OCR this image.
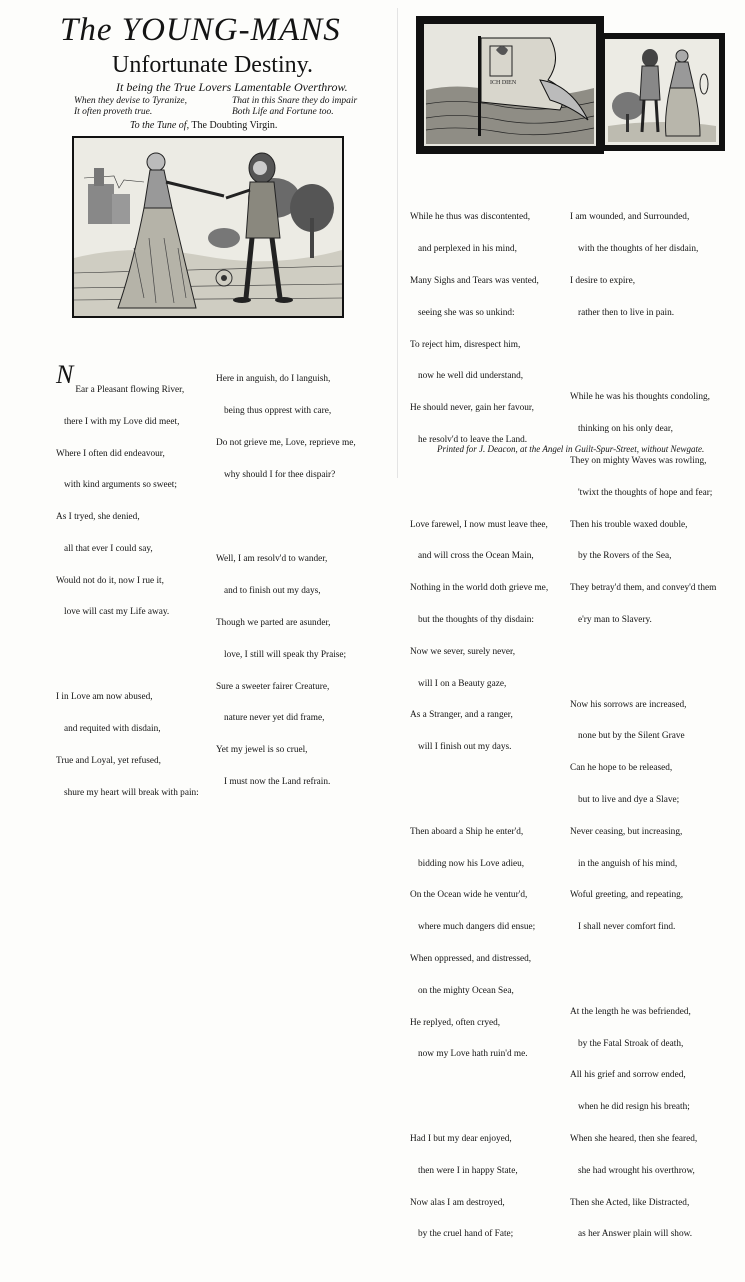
The YOUNG-MANS
Unfortunate Destiny.
It being the True Lovers Lamentable Overthrow.
When they devise to Tyranize,
It often proveth true.
That in this Snare they do impair
Both Life and Fortune too.
To the Tune of, The Doubting Virgin.
ICH DIEN

N

Ear a Pleasant flowing River,

there I with my Love did meet,

Where I often did endeavour,

with kind arguments so sweet;

As I tryed, she denied,

all that ever I could say,

Would not do it, now I rue it,

love will cast my Life away.

I in Love am now abused,

and requited with disdain,

True and Loyal, yet refused,

shure my heart will break with pain:

Here in anguish, do I languish,

being thus opprest with care,

Do not grieve me, Love, reprieve me,

why should I for thee dispair?

Well, I am resolv'd to wander,

and to finish out my days,

Though we parted are asunder,

love, I still will speak thy Praise;

Sure a sweeter fairer Creature,

nature never yet did frame,

Yet my jewel is so cruel,

I must now the Land refrain.

While he thus was discontented,

and perplexed in his mind,

Many Sighs and Tears was vented,

seeing she was so unkind:

To reject him, disrespect him,

now he well did understand,

He should never, gain her favour,

he resolv'd to leave the Land.

Love farewel, I now must leave thee,

and will cross the Ocean Main,

Nothing in the world doth grieve me,

but the thoughts of thy disdain:

Now we sever, surely never,

will I on a Beauty gaze,

As a Stranger, and a ranger,

will I finish out my days.

Then aboard a Ship he enter'd,

bidding now his Love adieu,

On the Ocean wide he ventur'd,

where much dangers did ensue;

When oppressed, and distressed,

on the mighty Ocean Sea,

He replyed, often cryed,

now my Love hath ruin'd me.

Had I but my dear enjoyed,

then were I in happy State,

Now alas I am destroyed,

by the cruel hand of Fate;

I am wounded, and Surrounded,

with the thoughts of her disdain,

I desire to expire,

rather then to live in pain.

While he was his thoughts condoling,

thinking on his only dear,

They on mighty Waves was rowling,

'twixt the thoughts of hope and fear;

Then his trouble waxed double,

by the Rovers of the Sea,

They betray'd them, and convey'd them

e'ry man to Slavery.

Now his sorrows are increased,

none but by the Silent Grave

Can he hope to be released,

but to live and dye a Slave;

Never ceasing, but increasing,

in the anguish of his mind,

Woful greeting, and repeating,

I shall never comfort find.

At the length he was befriended,

by the Fatal Stroak of death,

All his grief and sorrow ended,

when he did resign his breath;

When she heared, then she feared,

she had wrought his overthrow,

Then she Acted, like Distracted,

as her Answer plain will show.

Printed for J. Deacon, at the Angel in Guilt-Spur-Street, without Newgate.
